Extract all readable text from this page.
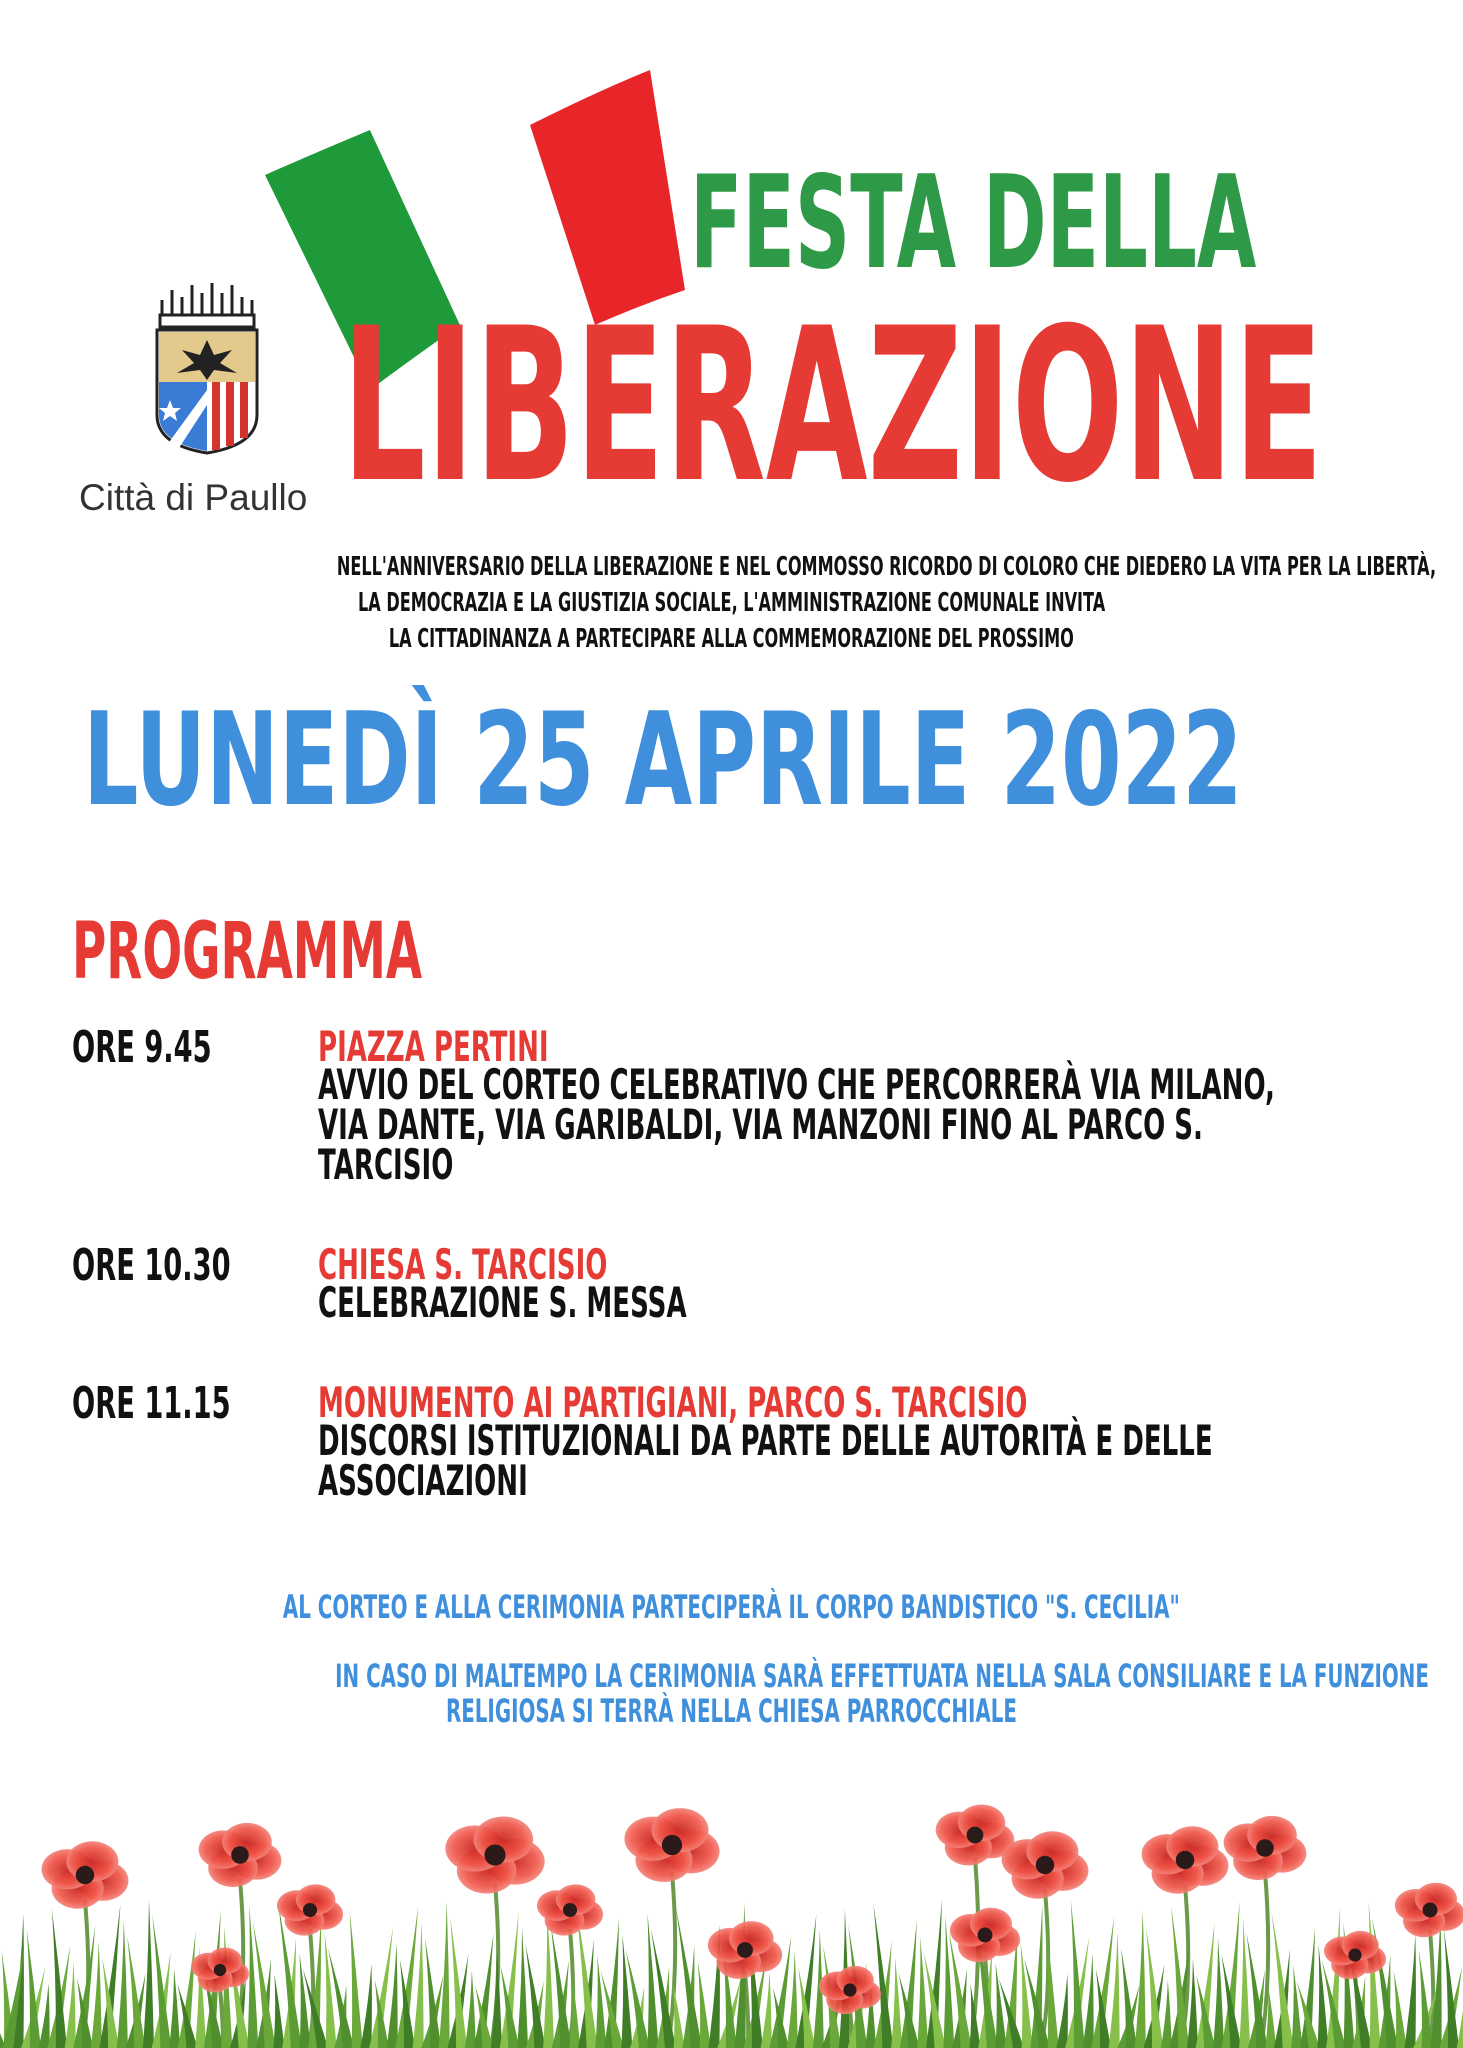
Città di Paullo
FESTA DELLA
LIBERAZIONE
NELL'ANNIVERSARIO DELLA LIBERAZIONE E NEL COMMOSSO RICORDO DI COLORO CHE DIEDERO LA VITA PER LA LIBERTÀ,
LA DEMOCRAZIA E LA GIUSTIZIA SOCIALE, L'AMMINISTRAZIONE COMUNALE INVITA
LA CITTADINANZA A PARTECIPARE ALLA COMMEMORAZIONE DEL PROSSIMO
LUNEDÌ 25 APRILE 2022
PROGRAMMA
ORE 9.45	PIAZZA PERTINI
AVVIO DEL CORTEO CELEBRATIVO CHE PERCORRERÀ VIA MILANO,
VIA DANTE, VIA GARIBALDI, VIA MANZONI FINO AL PARCO S.
TARCISIO
ORE 10.30 CHIESA S. TARCISIO
CELEBRAZIONE S. MESSA
ORE 11.15 MONUMENTO AI PARTIGIANI, PARCO S. TARCISIO
DISCORSI ISTITUZIONALI DA PARTE DELLE AUTORITÀ E DELLE
ASSOCIAZIONI
AL CORTEO E ALLA CERIMONIA PARTECIPERÀ IL CORPO BANDISTICO "S. CECILIA"
IN CASO DI MALTEMPO LA CERIMONIA SARÀ EFFETTUATA NELLA SALA CONSILIARE E LA FUNZIONE
RELIGIOSA SI TERRÀ NELLA CHIESA PARROCCHIALE
